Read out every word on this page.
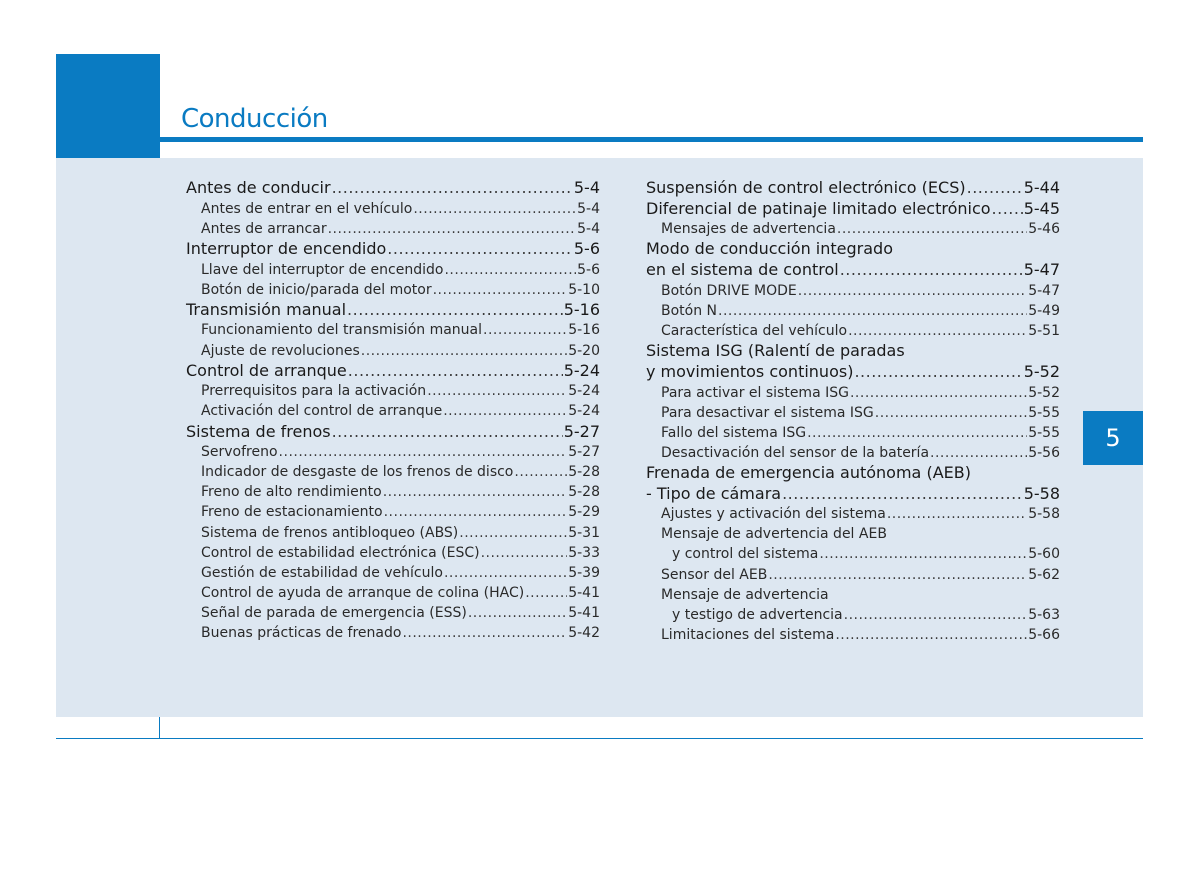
Conducción
5
Antes de conducir .....	5-4
Antes de entrar en el vehículo .....	5-4
Antes de arrancar .....	5-4
Interruptor de encendido .....	5-6
Llave del interruptor de encendido .....	5-6
Botón de inicio/parada del motor .....	5-10
Transmisión manual .....	5-16
Funcionamiento del transmisión manual .....	5-16
Ajuste de revoluciones .....	5-20
Control de arranque .....	5-24
Prerrequisitos para la activación .....	5-24
Activación del control de arranque .....	5-24
Sistema de frenos .....	5-27
Servofreno .....	5-27
Indicador de desgaste de los frenos de disco .....	5-28
Freno de alto rendimiento .....	5-28
Freno de estacionamiento .....	5-29
Sistema de frenos antibloqueo (ABS) .....	5-31
Control de estabilidad electrónica (ESC) .....	5-33
Gestión de estabilidad de vehículo .....	5-39
Control de ayuda de arranque de colina (HAC) .....	5-41
Señal de parada de emergencia (ESS) .....	5-41
Buenas prácticas de frenado .....	5-42
Suspensión de control electrónico (ECS) .....	5-44
Diferencial de patinaje limitado electrónico ..... 5-45
Mensajes de advertencia .....	5-46
Modo de conducción integrado
en el sistema de control .....	5-47
Botón DRIVE MODE .....	5-47
Botón N .....	5-49
Característica del vehículo .....	5-51
Sistema ISG (Ralentí de paradas
y movimientos continuos) .....	5-52
Para activar el sistema ISG .....	5-52
Para desactivar el sistema ISG .....	5-55
Fallo del sistema ISG .....	5-55
Desactivación del sensor de la batería .....	5-56
Frenada de emergencia autónoma (AEB)
- Tipo de cámara .....	5-58
Ajustes y activación del sistema .....	5-58
Mensaje de advertencia del AEB
y control del sistema .....	5-60
Sensor del AEB .....	5-62
Mensaje de advertencia
y testigo de advertencia .....	5-63
Limitaciones del sistema .....	5-66
